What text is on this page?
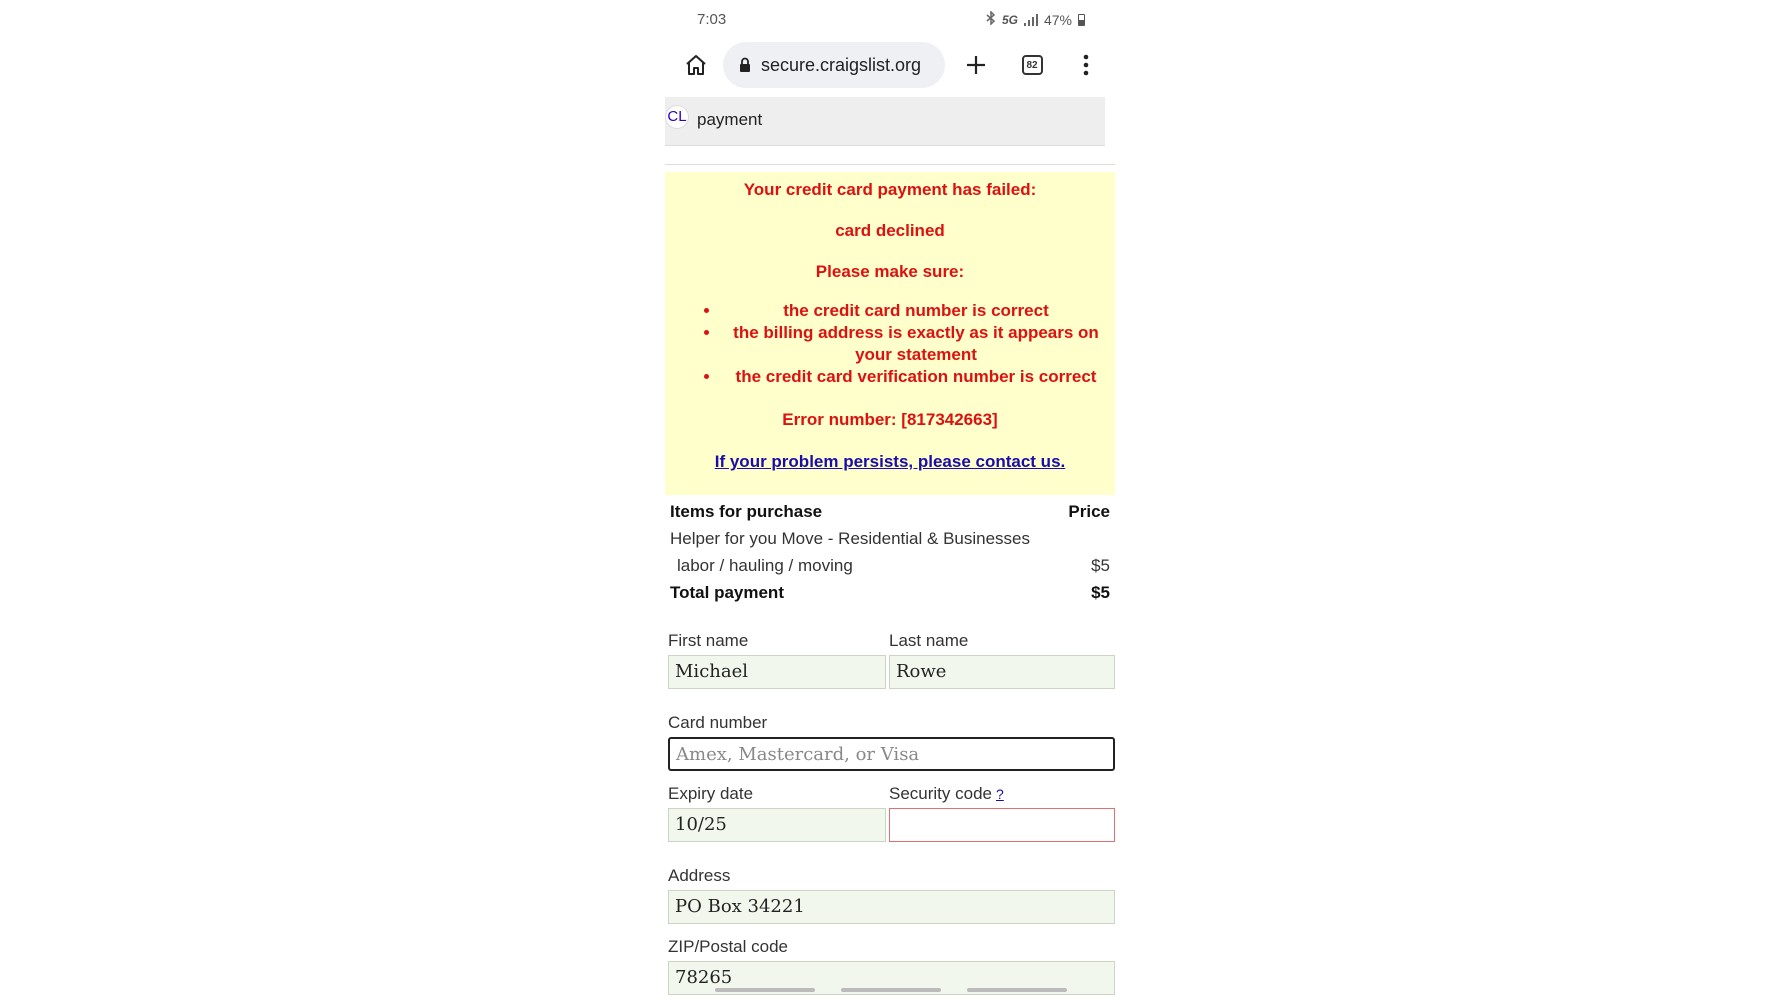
7:03	5G 47%
secure.craigslist.org	82
CL payment
Your credit card payment has failed:
card declined
Please make sure:
• the credit card number is correct
• the billing address is exactly as it appears on your statement
• the credit card verification number is correct
Error number: [817342663]
If your problem persists, please contact us.
Items for purchase	Price
Helper for you Move - Residential & Businesses
labor / hauling / moving	$5
Total payment	$5
First name
Michael
Last name
Rowe
Card number
Amex, Mastercard, or Visa
Expiry date
10/25
Security code ?
Address
PO Box 34221
ZIP/Postal code
78265
